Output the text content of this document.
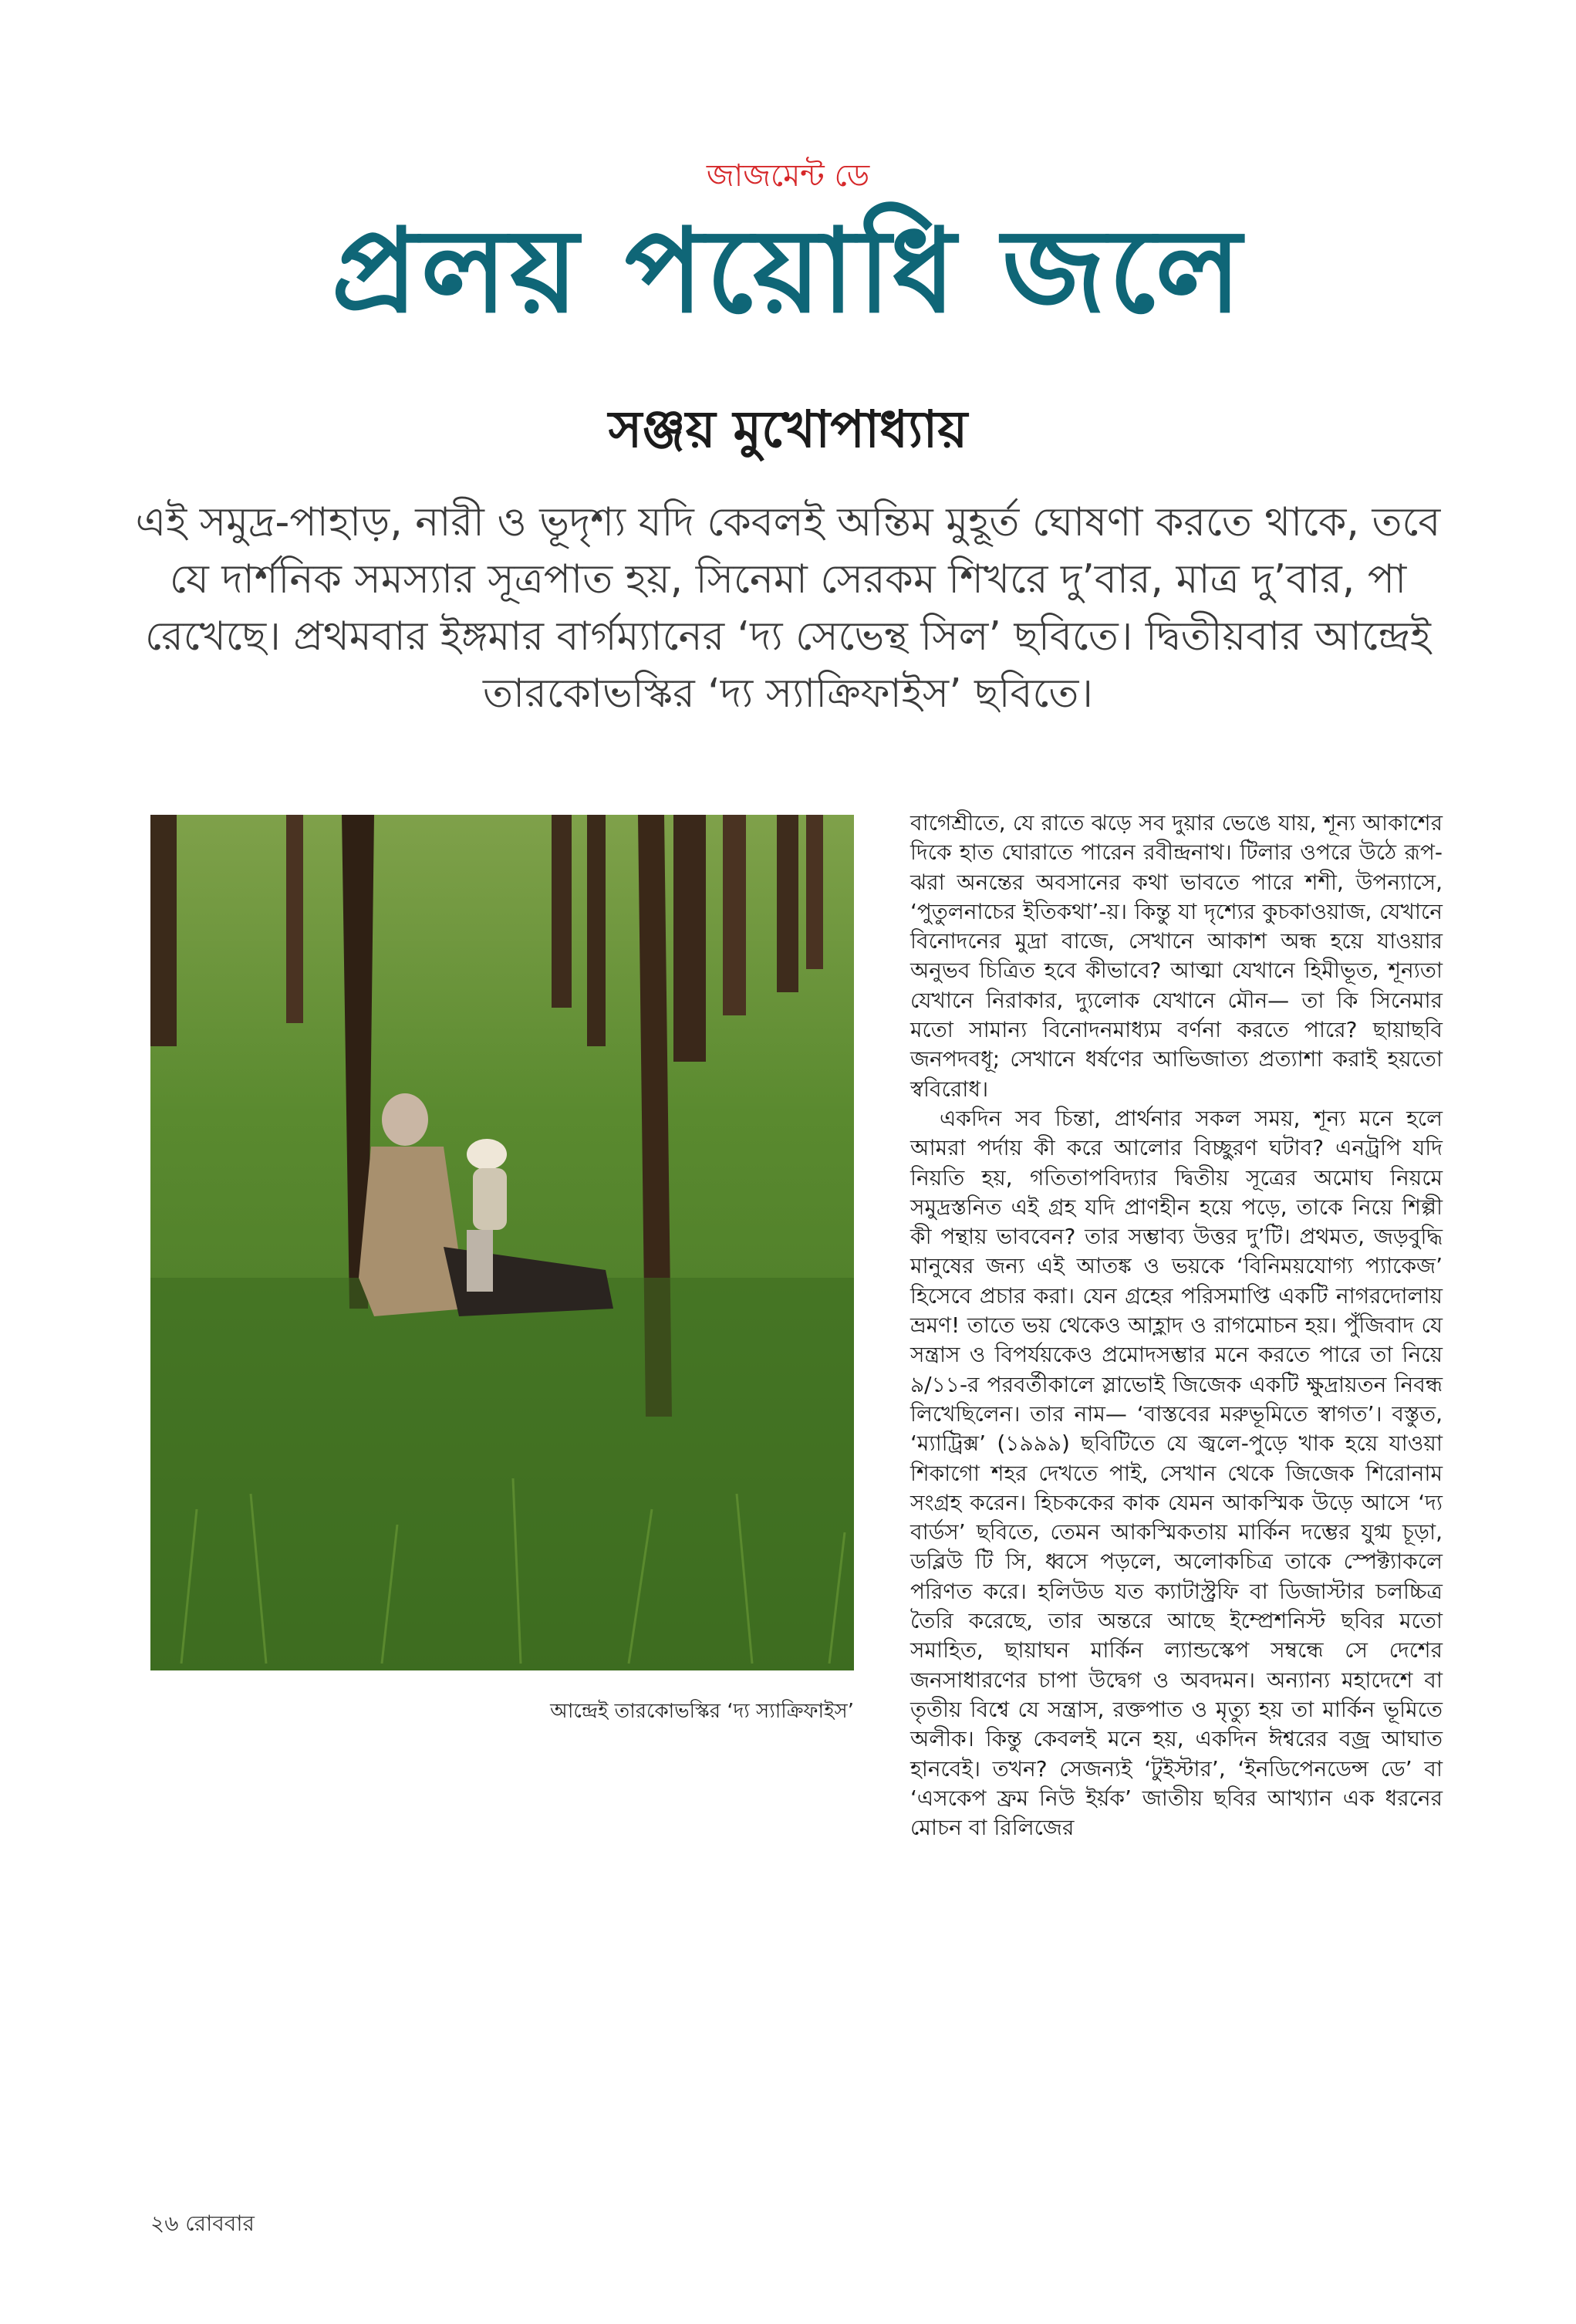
জাজমেন্ট ডে
প্রলয় পয়োধি জলে
সঞ্জয় মুখোপাধ্যায়
এই সমুদ্র-পাহাড়, নারী ও ভূদৃশ্য যদি কেবলই অন্তিম মুহূর্ত ঘোষণা করতে থাকে, তবে যে দার্শনিক সমস্যার সূত্রপাত হয়, সিনেমা সেরকম শিখরে দু’বার, মাত্র দু’বার, পা রেখেছে। প্রথমবার ইঙ্গমার বার্গম্যানের ‘দ্য সেভেন্থ সিল’ ছবিতে। দ্বিতীয়বার আন্দ্রেই তারকোভস্কির ‘দ্য স্যাক্রিফাইস’ ছবিতে।
আন্দ্রেই তারকোভস্কির ‘দ্য স্যাক্রিফাইস’

বাগেশ্রীতে, যে রাতে ঝড়ে সব দুয়ার ভেঙে যায়, শূন্য আকাশের দিকে হাত ঘোরাতে পারেন রবীন্দ্রনাথ। টিলার ওপরে উঠে রূপ-ঝরা অনন্তের অবসানের কথা ভাবতে পারে শশী, উপন্যাসে, ‘পুতুলনাচের ইতিকথা’-য়। কিন্তু যা দৃশ্যের কুচকাওয়াজ, যেখানে বিনোদনের মুদ্রা বাজে, সেখানে আকাশ অন্ধ হয়ে যাওয়ার অনুভব চিত্রিত হবে কীভাবে? আত্মা যেখানে হিমীভূত, শূন্যতা যেখানে নিরাকার, দ্যুলোক যেখানে মৌন— তা কি সিনেমার মতো সামান্য বিনোদনমাধ্যম বর্ণনা করতে পারে? ছায়াছবি জনপদবধূ; সেখানে ধর্ষণের আভিজাত্য প্রত্যাশা করাই হয়তো স্ববিরোধ।

একদিন সব চিন্তা, প্রার্থনার সকল সময়, শূন্য মনে হলে আমরা পর্দায় কী করে আলোর বিচ্ছুরণ ঘটাব? এনট্রপি যদি নিয়তি হয়, গতিতাপবিদ্যার দ্বিতীয় সূত্রের অমোঘ নিয়মে সমুদ্রস্তনিত এই গ্রহ যদি প্রাণহীন হয়ে পড়ে, তাকে নিয়ে শিল্পী কী পন্থায় ভাববেন? তার সম্ভাব্য উত্তর দু’টি। প্রথমত, জড়বুদ্ধি মানুষের জন্য এই আতঙ্ক ও ভয়কে ‘বিনিময়যোগ্য প্যাকেজ’ হিসেবে প্রচার করা। যেন গ্রহের পরিসমাপ্তি একটি নাগরদোলায় ভ্রমণ! তাতে ভয় থেকেও আহ্লাদ ও রাগমোচন হয়। পুঁজিবাদ যে সন্ত্রাস ও বিপর্যয়কেও প্রমোদসম্ভার মনে করতে পারে তা নিয়ে ৯/১১-র পরবর্তীকালে স্লাভোই জিজেক একটি ক্ষুদ্রায়তন নিবন্ধ লিখেছিলেন। তার নাম— ‘বাস্তবের মরুভূমিতে স্বাগত’। বস্তুত, ‘ম্যাট্রিক্স’ (১৯৯৯) ছবিটিতে যে জ্বলে-পুড়ে খাক হয়ে যাওয়া শিকাগো শহর দেখতে পাই, সেখান থেকে জিজেক শিরোনাম সংগ্রহ করেন। হিচককের কাক যেমন আকস্মিক উড়ে আসে ‘দ্য বার্ডস’ ছবিতে, তেমন আকস্মিকতায় মার্কিন দম্ভের যুগ্ম চূড়া, ডব্লিউ টি সি, ধ্বসে পড়লে, অলোকচিত্র তাকে স্পেক্ট্যাকলে পরিণত করে। হলিউড যত ক্যাটাস্ট্রফি বা ডিজাস্টার চলচ্চিত্র তৈরি করেছে, তার অন্তরে আছে ইম্প্রেশনিস্ট ছবির মতো সমাহিত, ছায়াঘন মার্কিন ল্যান্ডস্কেপ সম্বন্ধে সে দেশের জনসাধারণের চাপা উদ্বেগ ও অবদমন। অন্যান্য মহাদেশে বা তৃতীয় বিশ্বে যে সন্ত্রাস, রক্তপাত ও মৃত্যু হয় তা মার্কিন ভূমিতে অলীক। কিন্তু কেবলই মনে হয়, একদিন ঈশ্বরের বজ্র আঘাত হানবেই। তখন? সেজন্যই ‘টুইস্টার’, ‘ইনডিপেনডেন্স ডে’ বা ‘এসকেপ ফ্রম নিউ ইর্য়ক’ জাতীয় ছবির আখ্যান এক ধরনের মোচন বা রিলিজের

২৬ রোববার
